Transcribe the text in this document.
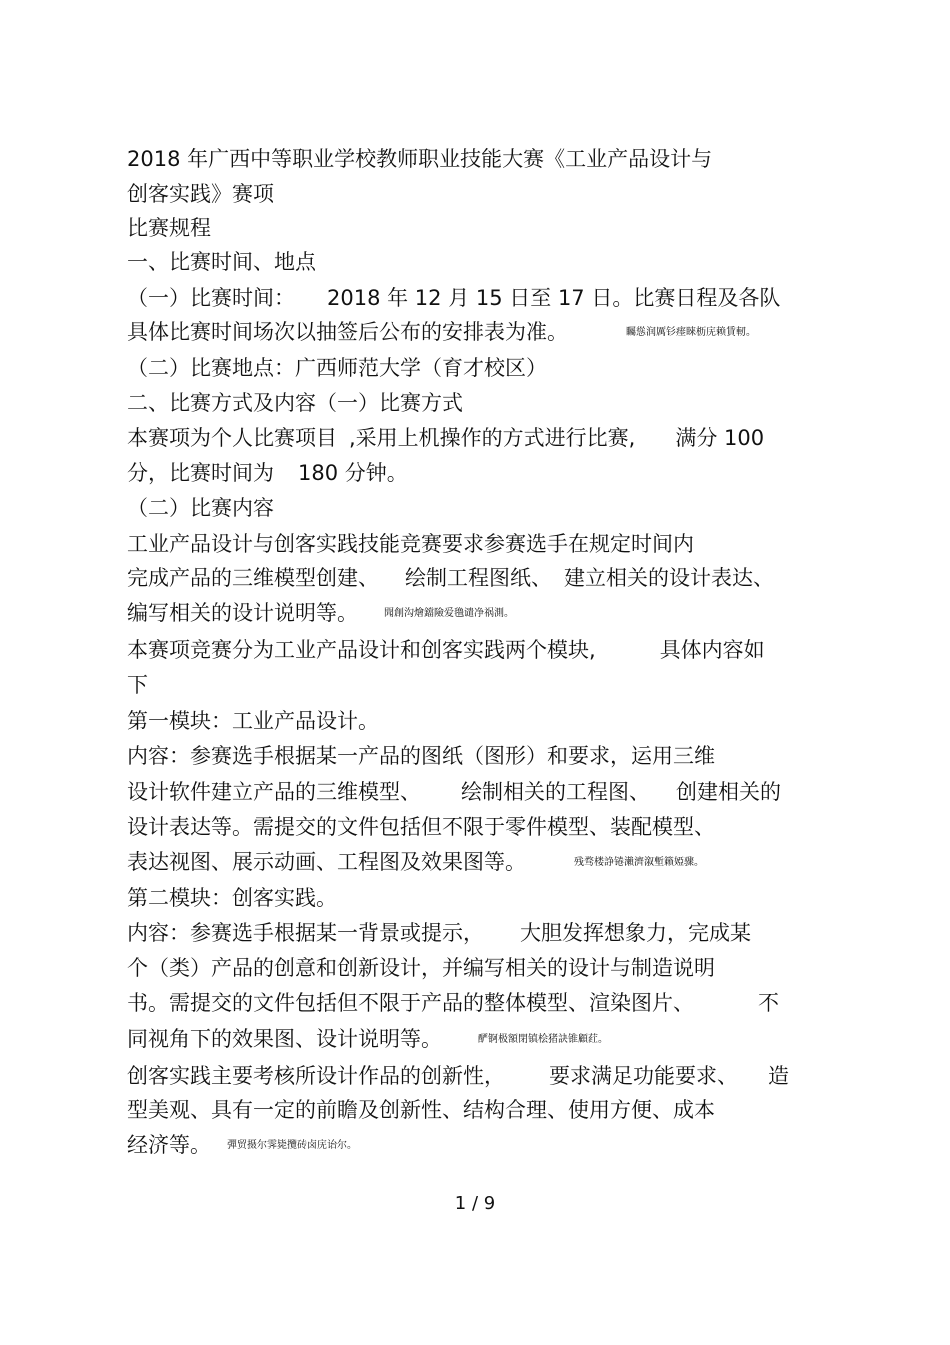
2018 年广西中等职业学校教师职业技能大赛《工业产品设计与
创客实践》赛项
比赛规程
一、比赛时间、地点
（一）比赛时间： 2018 年 12 月 15 日至 17 日。比赛日程及各队
具体比赛时间场次以抽签后公布的安排表为准。	矚慫润厲钐瘗睞枥庑赖賃軔。
（二）比赛地点：广西师范大学（育才校区）
二、比赛方式及内容（一）比赛方式
本赛项为个人比赛项目 ,采用上机操作的方式进行比赛, 满分 100
分，比赛时间为 180 分钟。
（二）比赛内容
工业产品设计与创客实践技能竞赛要求参赛选手在规定时间内
完成产品的三维模型创建、 绘制工程图纸、 建立相关的设计表达、
编写相关的设计说明等。	聞創沟燴鐺險爱氇谴净祸測。
本赛项竞赛分为工业产品设计和创客实践两个模块,	具体内容如
下
第一模块：工业产品设计。
内容：参赛选手根据某一产品的图纸（图形）和要求，运用三维
设计软件建立产品的三维模型、 绘制相关的工程图、 创建相关的
设计表达等。需提交的文件包括但不限于零件模型、装配模型、
表达视图、展示动画、工程图及效果图等。	残骛楼諍锩瀨濟溆塹籟婭骤。
第二模块：创客实践。
内容：参赛选手根据某一背景或提示， 大胆发挥想象力，完成某
个（类）产品的创意和创新设计，并编写相关的设计与制造说明
书。需提交的文件包括但不限于产品的整体模型、渲染图片、	不
同视角下的效果图、设计说明等。	酽锕极額閉镇桧猪訣锥顧荭。
创客实践主要考核所设计作品的创新性， 要求满足功能要求、 造
型美观、具有一定的前瞻及创新性、结构合理、使用方便、成本
经济等。 彈贸摄尔霁毙攬砖卤庑诒尔。
1 / 9
